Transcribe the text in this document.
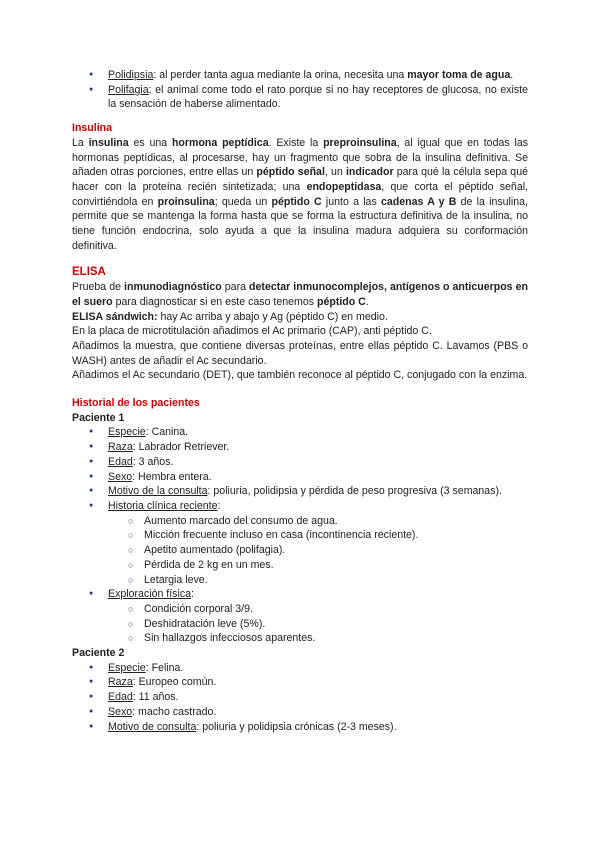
● Polidipsia: al perder tanta agua mediante la orina, necesita una mayor toma de agua.
● Polifagia: el animal come todo el rato porque si no hay receptores de glucosa, no existe la sensación de haberse alimentado.
Insulina

La insulina es una hormona peptídica. Existe la preproinsulina, al igual que en todas las hormonas peptídicas, al procesarse, hay un fragmento que sobra de la insulina definitiva. Se añaden otras porciones, entre ellas un péptido señal, un indicador para qué la célula sepa qué hacer con la proteína recién sintetizada; una endopeptidasa, que corta el péptido señal, convirtiéndola en proinsulina; queda un péptido C junto a las cadenas A y B de la insulina, permite que se mantenga la forma hasta que se forma la estructura definitiva de la insulina, no tiene función endocrina, solo ayuda a que la insulina madura adquiera su conformación definitiva.

ELISA

Prueba de inmunodiagnóstico para detectar inmunocomplejos, antígenos o anticuerpos en el suero para diagnosticar si en este caso tenemos péptido C.

ELISA sándwich: hay Ac arriba y abajo y Ag (péptido C) en medio.

En la placa de microtitulación añadimos el Ac primario (CAP), anti péptido C.

Añadimos la muestra, que contiene diversas proteínas, entre ellas péptido C. Lavamos (PBS o WASH) antes de añadir el Ac secundario.

Añadimos el Ac secundario (DET), que también reconoce al péptido C, conjugado con la enzima.

Historial de los pacientes
Paciente 1
● Especie: Canina.
● Raza: Labrador Retriever.
● Edad: 3 años.
● Sexo: Hembra entera.
● Motivo de la consulta: poliuria, polidipsia y pérdida de peso progresiva (3 semanas).
● Historia clínica reciente:
○ Aumento marcado del consumo de agua.
○ Micción frecuente incluso en casa (incontinencia reciente).
○ Apetito aumentado (polifagia).
○ Pérdida de 2 kg en un mes.
○ Letargia leve.
● Exploración física:
○ Condición corporal 3/9.
○ Deshidratación leve (5%).
○ Sin hallazgos infecciosos aparentes.
Paciente 2
● Especie: Felina.
● Raza: Europeo común.
● Edad: 11 años.
● Sexo: macho castrado.
● Motivo de consulta: poliuria y polidipsia crónicas (2-3 meses).
